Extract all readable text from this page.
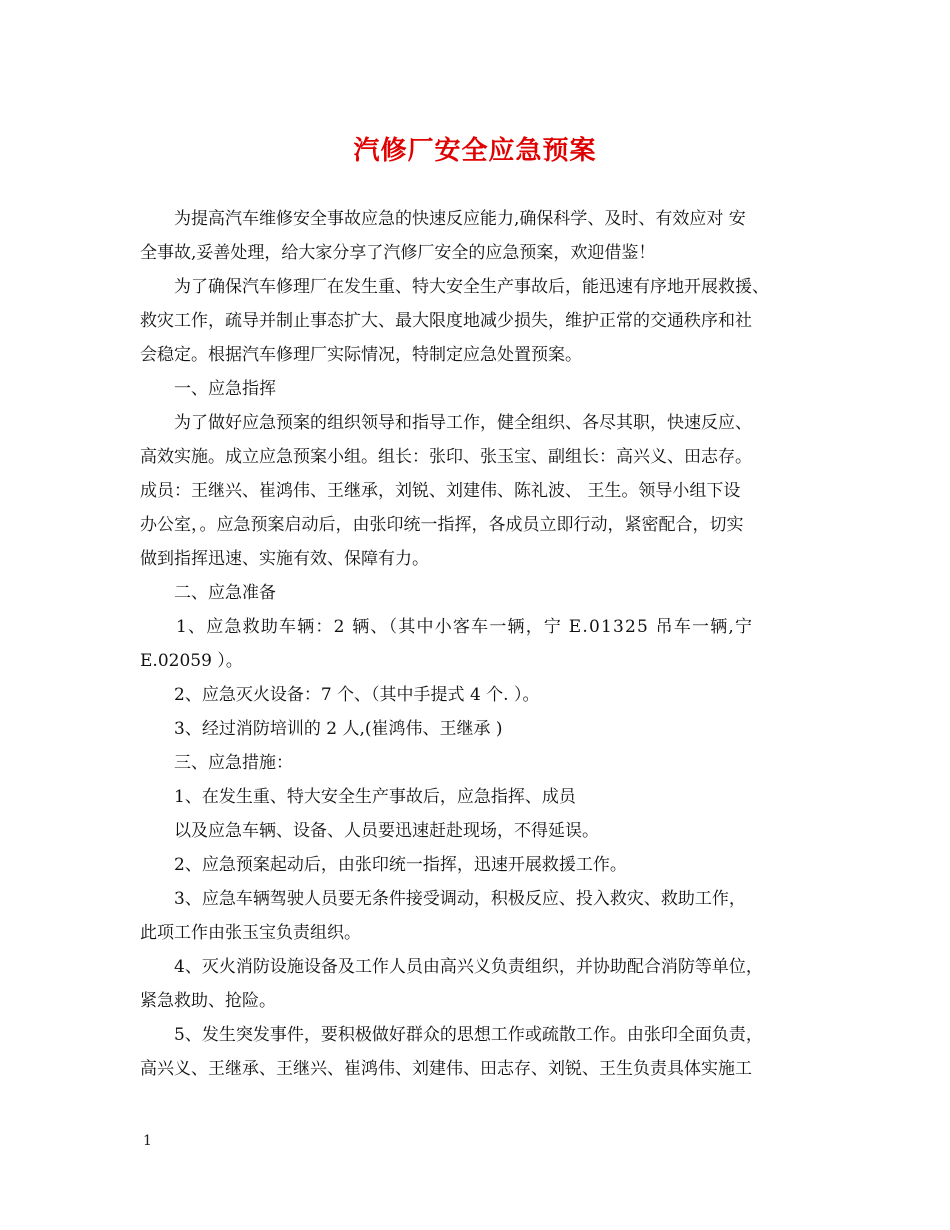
汽修厂安全应急预案

为提高汽车维修安全事故应急的快速反应能力,确保科学、及时、有效应对 安

全事故,妥善处理，给大家分享了汽修厂安全的应急预案，欢迎借鉴！

为了确保汽车修理厂在发生重、特大安全生产事故后，能迅速有序地开展救援、

救灾工作，疏导并制止事态扩大、最大限度地减少损失，维护正常的交通秩序和社

会稳定。根据汽车修理厂实际情况，特制定应急处置预案。

一、应急指挥

为了做好应急预案的组织领导和指导工作，健全组织、各尽其职，快速反应、

高效实施。成立应急预案小组。组长：张印、张玉宝、副组长：高兴义、田志存。

成员：王继兴、崔鸿伟、王继承，刘锐、刘建伟、陈礼波、 王生。领导小组下设

办公室，。应急预案启动后，由张印统一指挥，各成员立即行动，紧密配合，切实

做到指挥迅速、实施有效、保障有力。

二、应急准备

1、应急救助车辆：2 辆、（其中小客车一辆，宁 E.01325 吊车一辆,宁

E.02059 ）。

2、应急灭火设备：7 个、（其中手提式 4 个. ）。

3、经过消防培训的 2 人,(崔鸿伟、王继承 )

三、应急措施：

1、在发生重、特大安全生产事故后，应急指挥、成员

以及应急车辆、设备、人员要迅速赶赴现场，不得延误。

2、应急预案起动后，由张印统一指挥，迅速开展救援工作。

3、应急车辆驾驶人员要无条件接受调动，积极反应、投入救灾、救助工作，

此项工作由张玉宝负责组织。

4、灭火消防设施设备及工作人员由高兴义负责组织，并协助配合消防等单位，

紧急救助、抢险。

5、发生突发事件，要积极做好群众的思想工作或疏散工作。由张印全面负责，

高兴义、王继承、王继兴、崔鸿伟、刘建伟、田志存、刘锐、王生负责具体实施工

1
